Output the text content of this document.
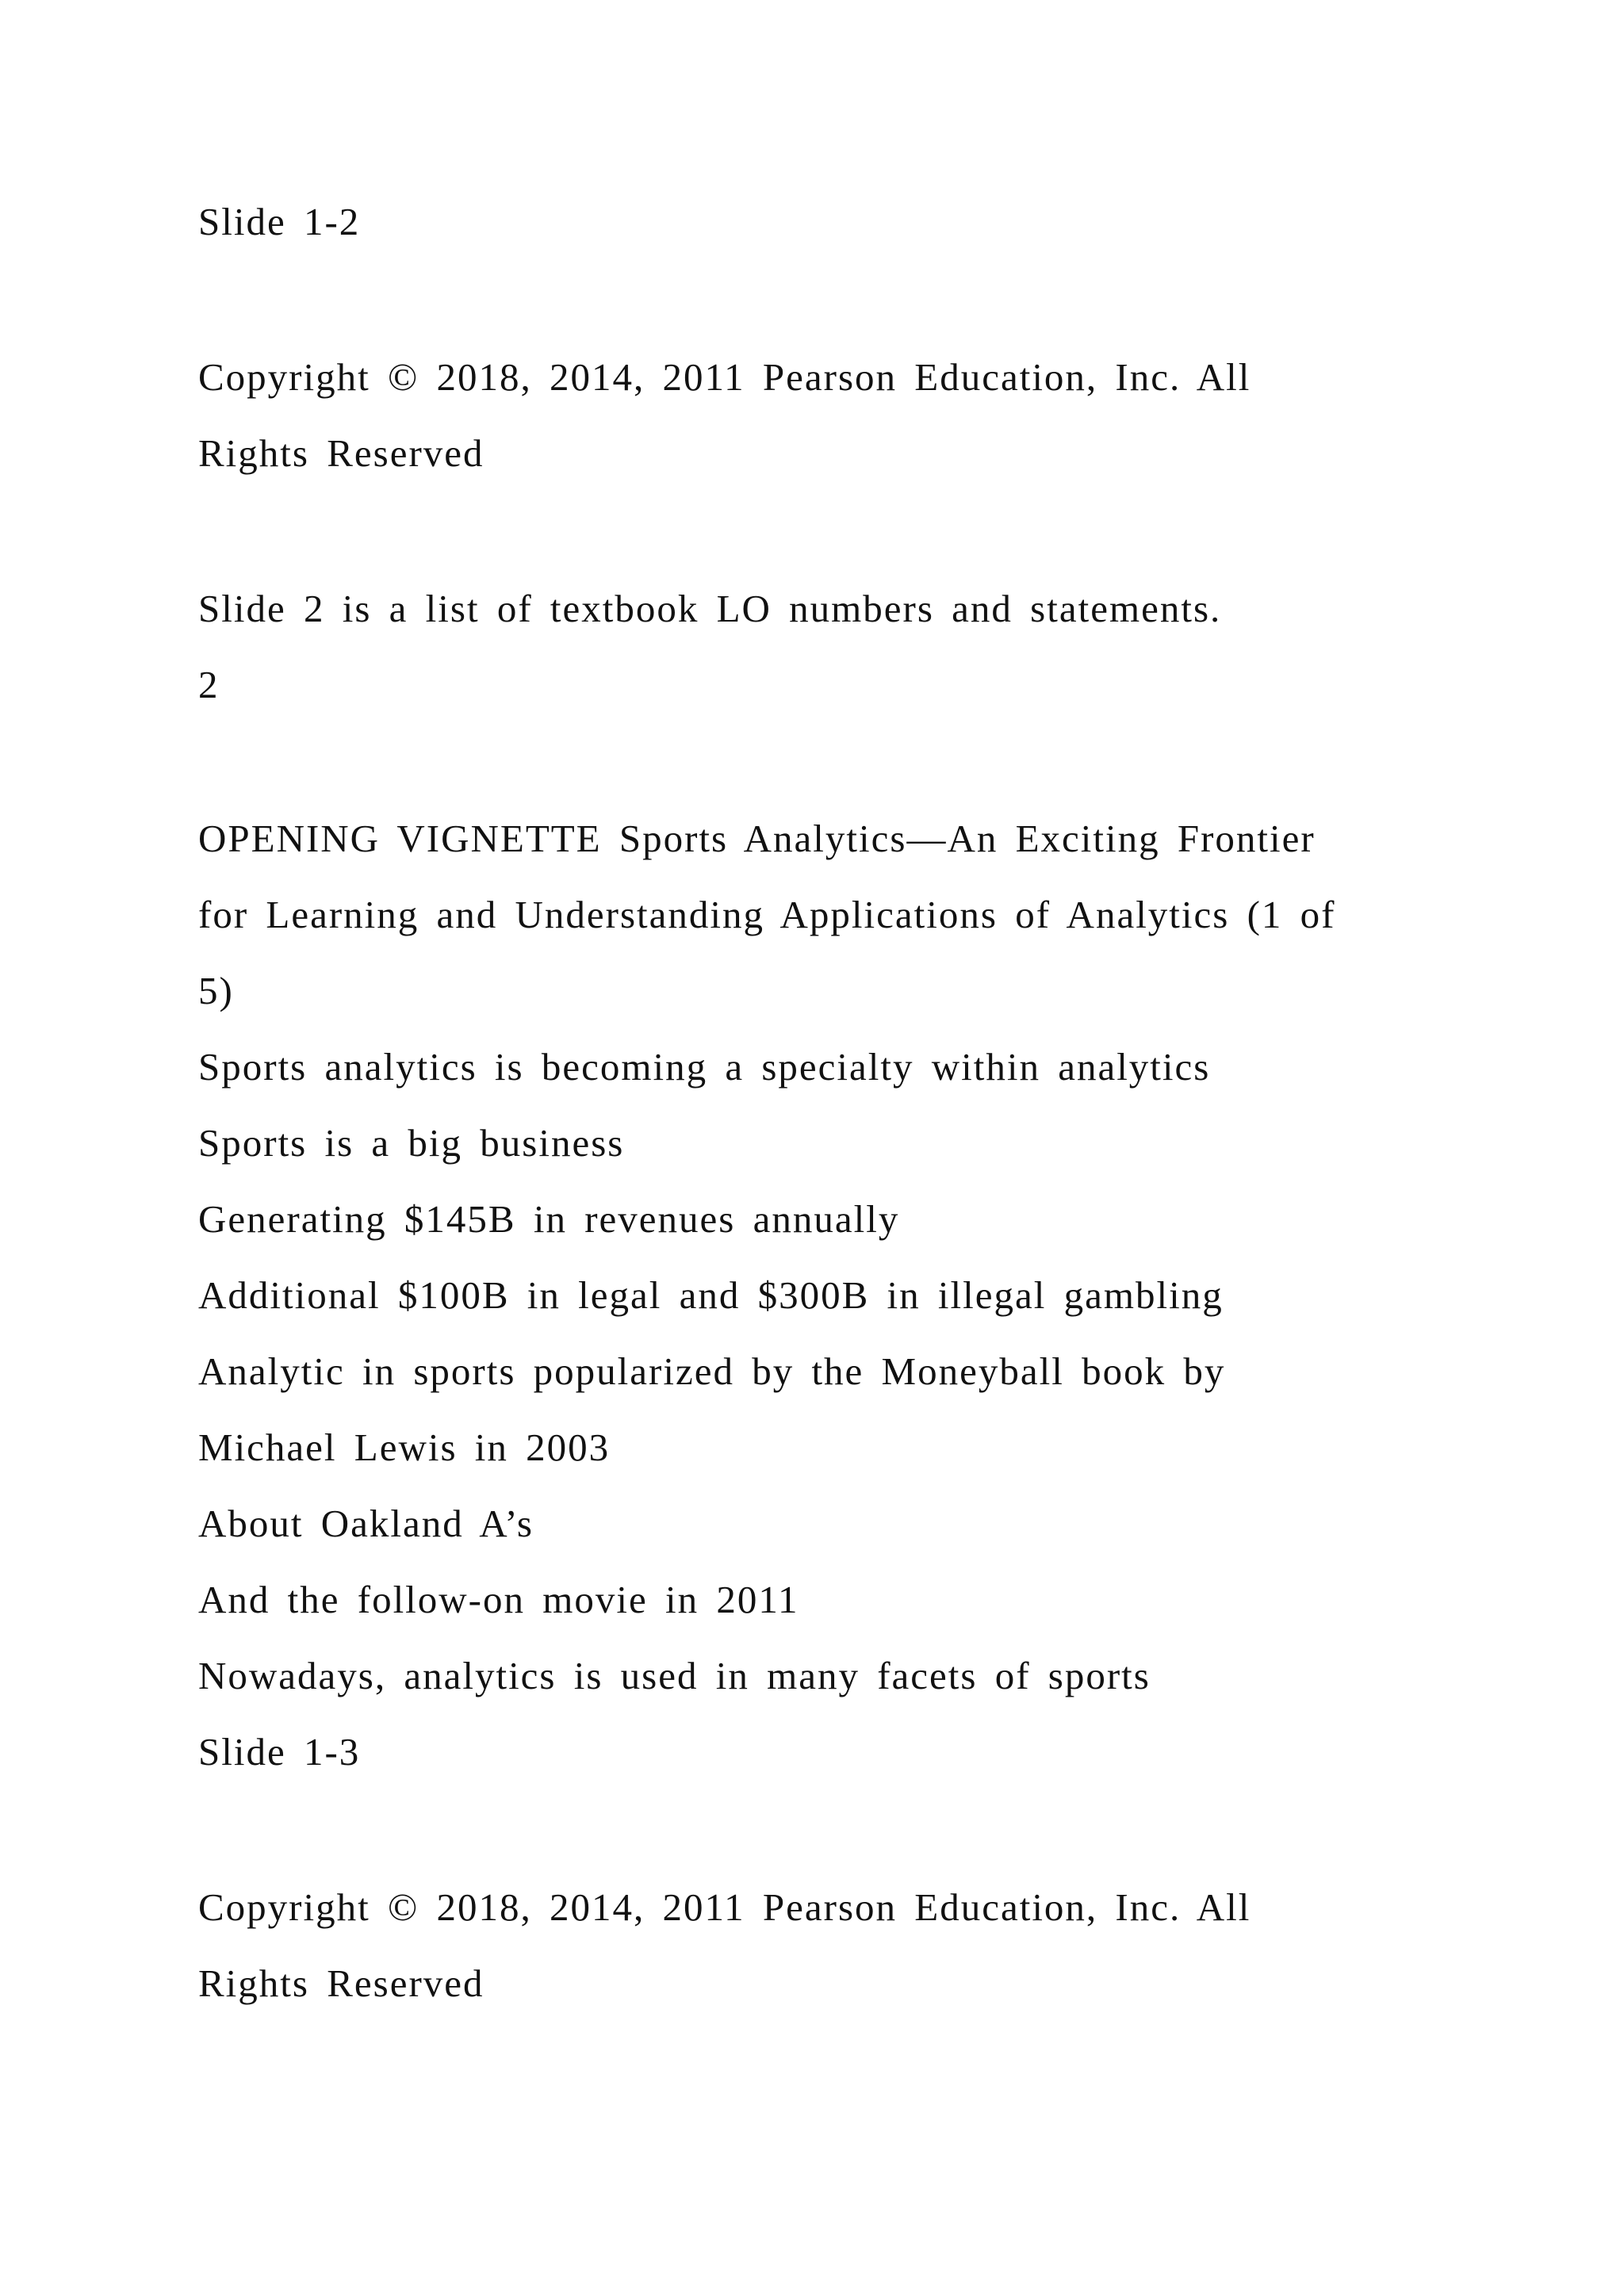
Slide 1-2
Copyright © 2018, 2014, 2011 Pearson Education, Inc. All
Rights Reserved
Slide 2 is a list of textbook LO numbers and statements.
2
OPENING VIGNETTE Sports Analytics—An Exciting Frontier
for Learning and Understanding Applications of Analytics (1 of
5)
Sports analytics is becoming a specialty within analytics
Sports is a big business
Generating $145B in revenues annually
Additional $100B in legal and $300B in illegal gambling
Analytic in sports popularized by the Moneyball book by
Michael Lewis in 2003
About Oakland A’s
And the follow-on movie in 2011
Nowadays, analytics is used in many facets of sports
Slide 1-3
Copyright © 2018, 2014, 2011 Pearson Education, Inc. All
Rights Reserved
